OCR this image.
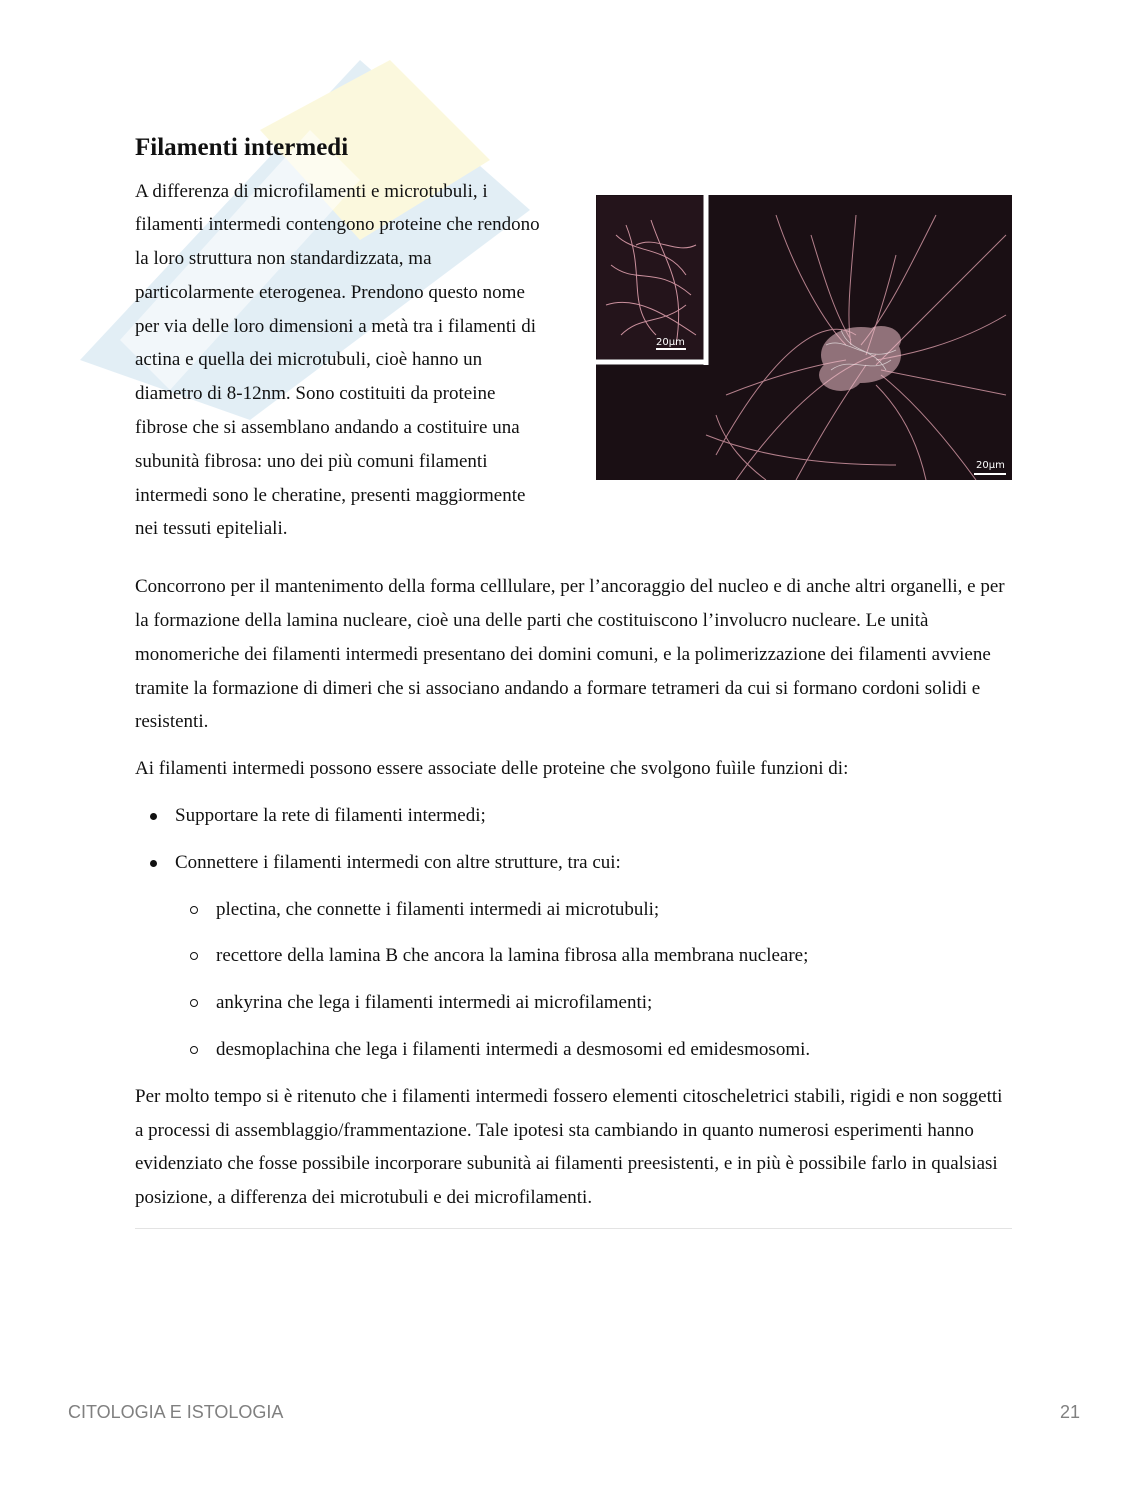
Filamenti intermedi

A differenza di microfilamenti e microtubuli, i filamenti intermedi contengono proteine che rendono la loro struttura non standardizzata, ma particolarmente eterogenea. Prendono questo nome per via delle loro dimensioni a metà tra i filamenti di actina e quella dei microtubuli, cioè hanno un diametro di 8-12nm. Sono costituiti da proteine fibrose che si assemblano andando a costituire una subunità fibrosa: uno dei più comuni filamenti intermedi sono le cheratine, presenti maggiormente nei tessuti epiteliali.

20μm
20μm

Concorrono per il mantenimento della forma celllulare, per l’ancoraggio del nucleo e di anche altri organelli, e per la formazione della lamina nucleare, cioè una delle parti che costituiscono l’involucro nucleare. Le unità monomeriche dei filamenti intermedi presentano dei domini comuni, e la polimerizzazione dei filamenti avviene tramite la formazione di dimeri che si associano andando a formare tetrameri da cui si formano cordoni solidi e resistenti.

Ai filamenti intermedi possono essere associate delle proteine che svolgono fuìile funzioni di:

Supportare la rete di filamenti intermedi;
Connettere i filamenti intermedi con altre strutture, tra cui:
plectina, che connette i filamenti intermedi ai microtubuli;
recettore della lamina B che ancora la lamina fibrosa alla membrana nucleare;
ankyrina che lega i filamenti intermedi ai microfilamenti;
desmoplachina che lega i filamenti intermedi a desmosomi ed emidesmosomi.

Per molto tempo si è ritenuto che i filamenti intermedi fossero elementi citoscheletrici stabili, rigidi e non soggetti a processi di assemblaggio/frammentazione. Tale ipotesi sta cambiando in quanto numerosi esperimenti hanno evidenziato che fosse possibile incorporare subunità ai filamenti preesistenti, e in più è possibile farlo in qualsiasi posizione, a differenza dei microtubuli e dei microfilamenti.

CITOLOGIA E ISTOLOGIA	21
